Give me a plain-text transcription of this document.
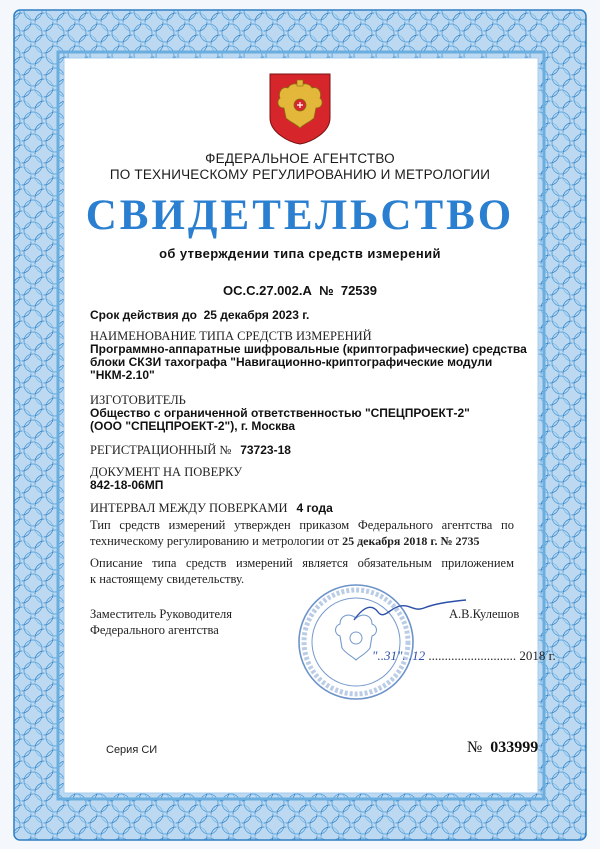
ФЕДЕРАЛЬНОЕ АГЕНТСТВО
ПО ТЕХНИЧЕСКОМУ РЕГУЛИРОВАНИЮ И МЕТРОЛОГИИ
СВИДЕТЕЛЬСТВО
об утверждении типа средств измерений
ОС.С.27.002.А № 72539
Срок действия до 25 декабря 2023 г.
НАИМЕНОВАНИЕ ТИПА СРЕДСТВ ИЗМЕРЕНИЙ
Программно-аппаратные шифровальные (криптографические) средства
блоки СКЗИ тахографа "Навигационно-криптографические модули
"НКМ-2.10"
ИЗГОТОВИТЕЛЬ
Общество с ограниченной ответственностью "СПЕЦПРОЕКТ-2"
(ООО "СПЕЦПРОЕКТ-2"), г. Москва
РЕГИСТРАЦИОННЫЙ № 73723-18
ДОКУМЕНТ НА ПОВЕРКУ
842-18-06МП
ИНТЕРВАЛ МЕЖДУ ПОВЕРКАМИ 4 года
Тип средств измерений утвержден приказом Федерального агентства по
техническому регулированию и метрологии от 25 декабря 2018 г. № 2735
Описание типа средств измерений является обязательным приложением
к настоящему свидетельству.
Заместитель Руководителя
Федерального агентства
А.В.Кулешов
"..31". .12 ........................... 2018 г.
Серия СИ	№ 033999
